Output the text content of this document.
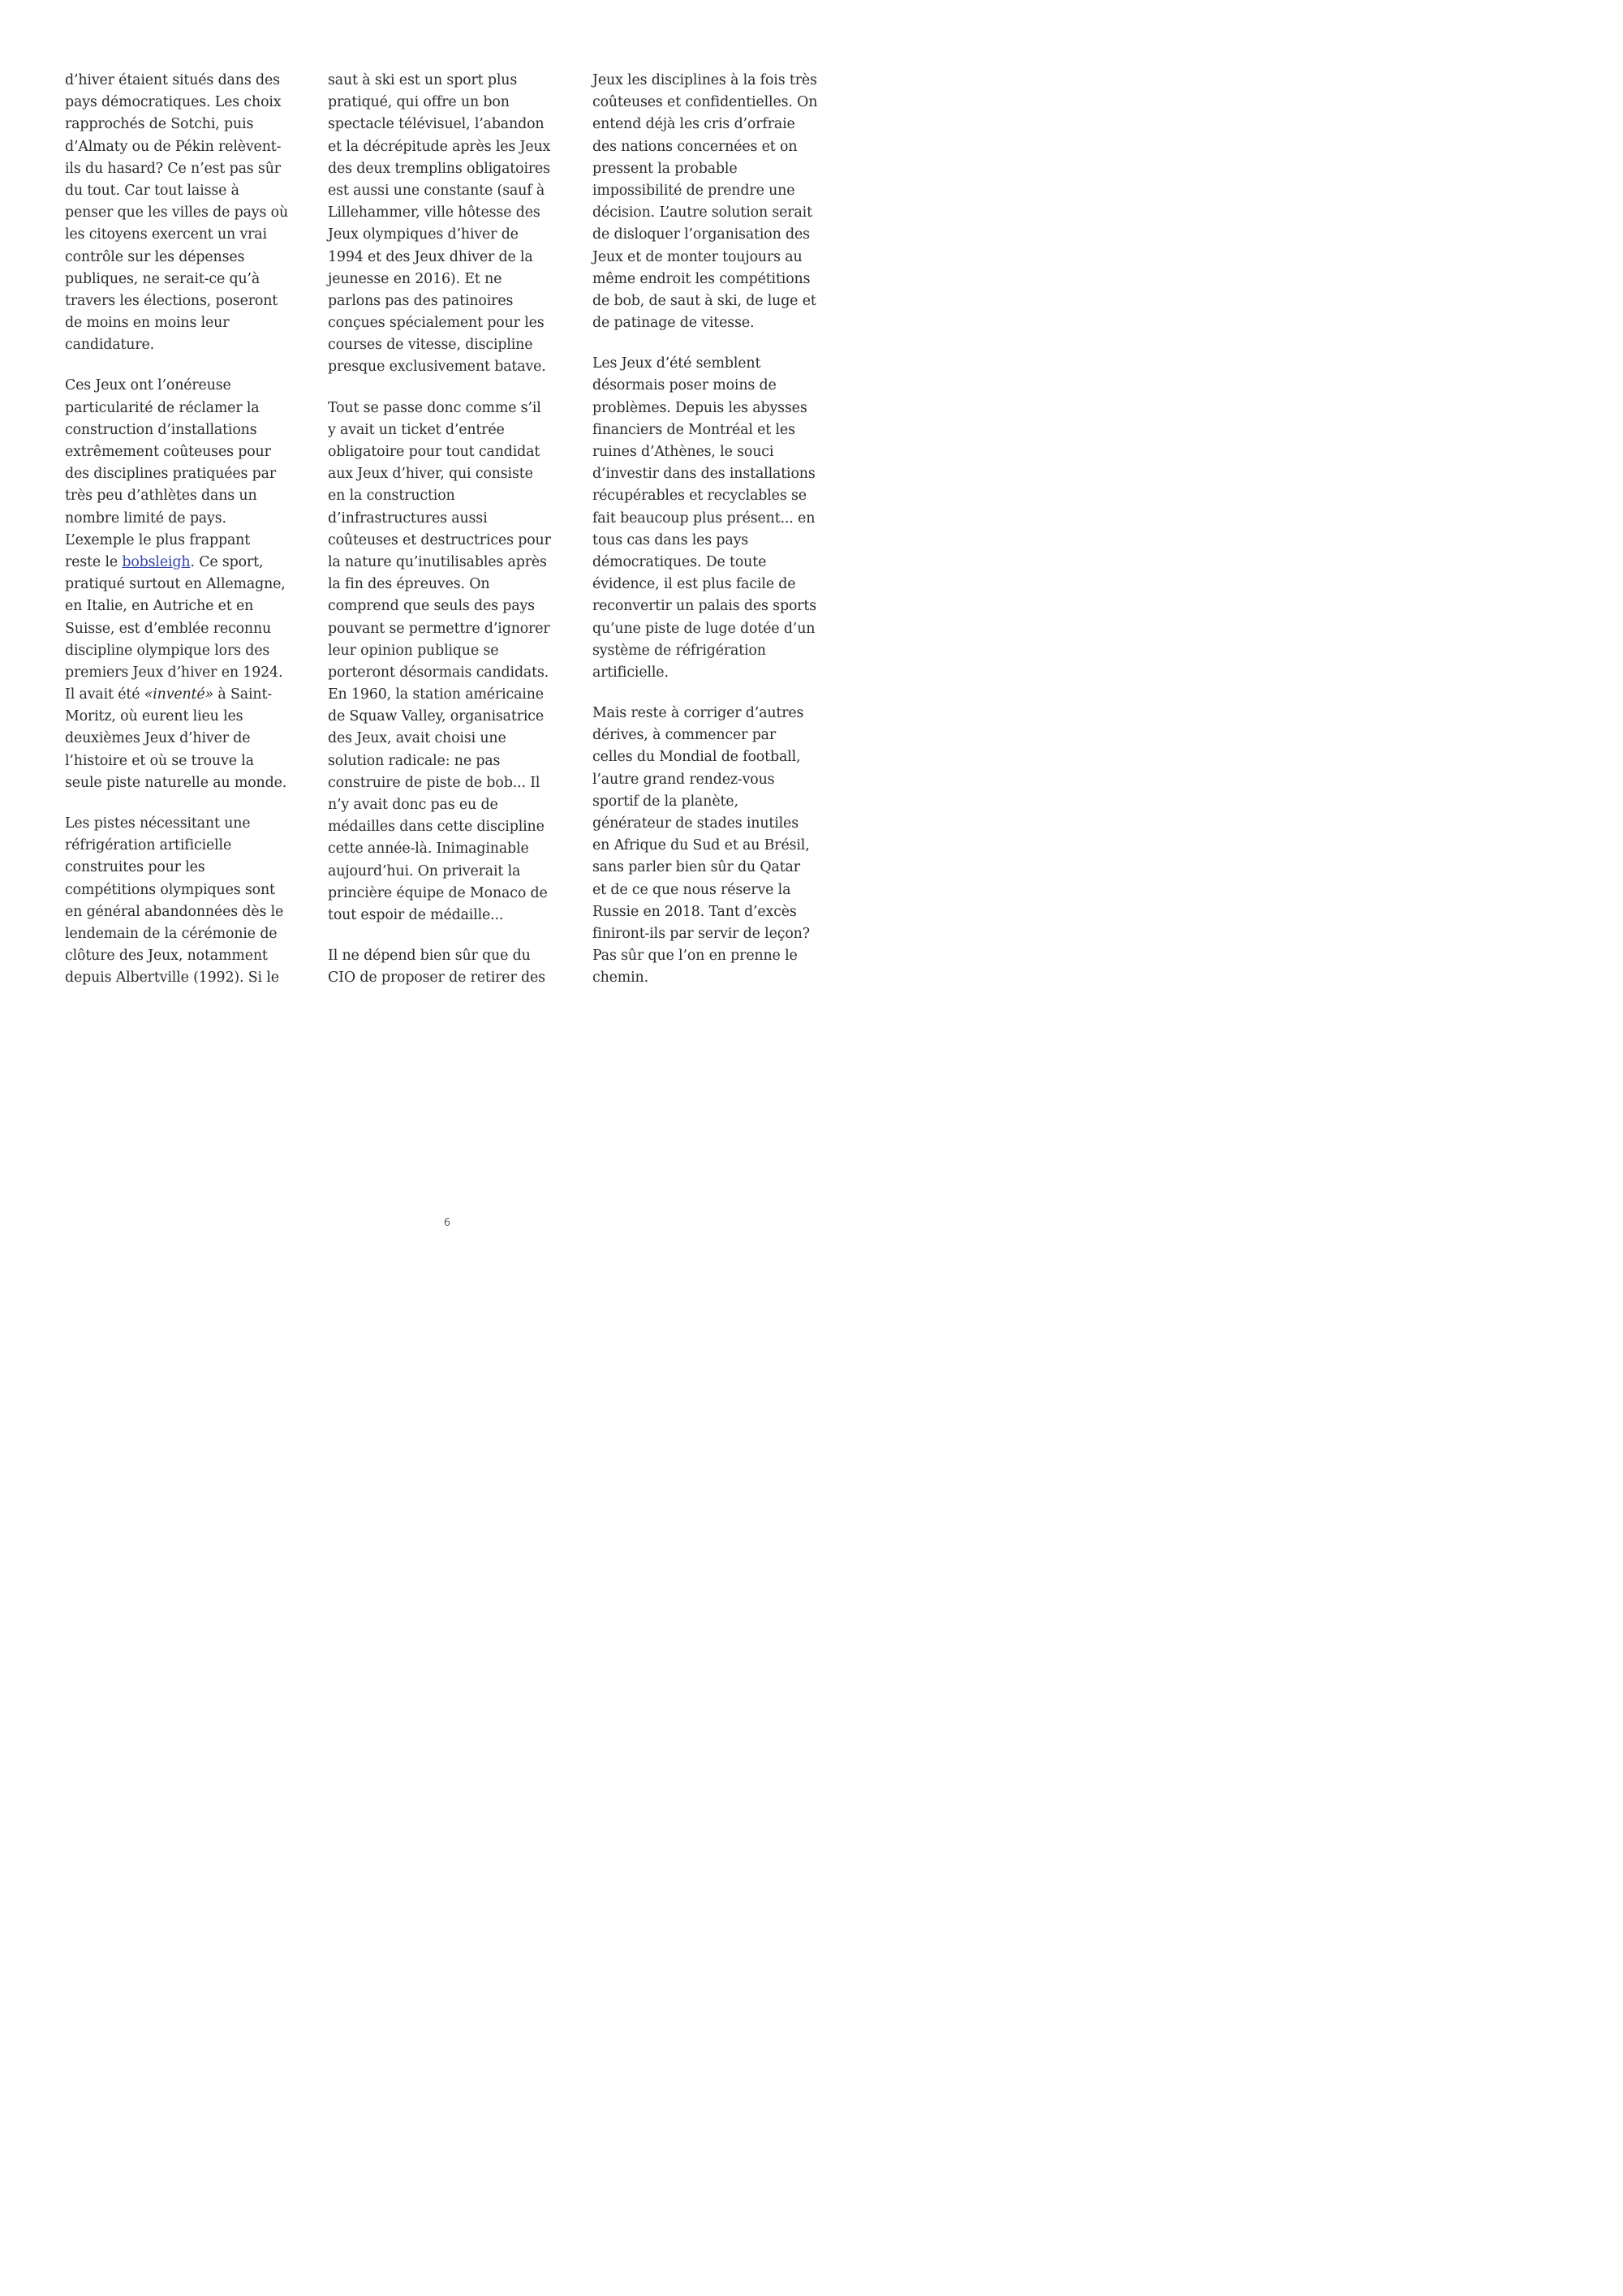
d’hiver étaient situés dans des
pays démocratiques. Les choix
rapprochés de Sotchi, puis
d’Almaty ou de Pékin relèvent-
ils du hasard? Ce n’est pas sûr
du tout. Car tout laisse à
penser que les villes de pays où
les citoyens exercent un vrai
contrôle sur les dépenses
publiques, ne serait-ce qu’à
travers les élections, poseront
de moins en moins leur
candidature.
Ces Jeux ont l’onéreuse
particularité de réclamer la
construction d’installations
extrêmement coûteuses pour
des disciplines pratiquées par
très peu d’athlètes dans un
nombre limité de pays.
L’exemple le plus frappant
reste le bobsleigh. Ce sport,
pratiqué surtout en Allemagne,
en Italie, en Autriche et en
Suisse, est d’emblée reconnu
discipline olympique lors des
premiers Jeux d’hiver en 1924.
Il avait été «inventé» à Saint-
Moritz, où eurent lieu les
deuxièmes Jeux d’hiver de
l’histoire et où se trouve la
seule piste naturelle au monde.
Les pistes nécessitant une
réfrigération artificielle
construites pour les
compétitions olympiques sont
en général abandonnées dès le
lendemain de la cérémonie de
clôture des Jeux, notamment
depuis Albertville (1992). Si le
saut à ski est un sport plus
pratiqué, qui offre un bon
spectacle télévisuel, l’abandon
et la décrépitude après les Jeux
des deux tremplins obligatoires
est aussi une constante (sauf à
Lillehammer, ville hôtesse des
Jeux olympiques d’hiver de
1994 et des Jeux dhiver de la
jeunesse en 2016). Et ne
parlons pas des patinoires
conçues spécialement pour les
courses de vitesse, discipline
presque exclusivement batave.
Tout se passe donc comme s’il
y avait un ticket d’entrée
obligatoire pour tout candidat
aux Jeux d’hiver, qui consiste
en la construction
d’infrastructures aussi
coûteuses et destructrices pour
la nature qu’inutilisables après
la fin des épreuves. On
comprend que seuls des pays
pouvant se permettre d’ignorer
leur opinion publique se
porteront désormais candidats.
En 1960, la station américaine
de Squaw Valley, organisatrice
des Jeux, avait choisi une
solution radicale: ne pas
construire de piste de bob... Il
n’y avait donc pas eu de
médailles dans cette discipline
cette année-là. Inimaginable
aujourd’hui. On priverait la
princière équipe de Monaco de
tout espoir de médaille...
Il ne dépend bien sûr que du
CIO de proposer de retirer des
Jeux les disciplines à la fois très
coûteuses et confidentielles. On
entend déjà les cris d’orfraie
des nations concernées et on
pressent la probable
impossibilité de prendre une
décision. L’autre solution serait
de disloquer l’organisation des
Jeux et de monter toujours au
même endroit les compétitions
de bob, de saut à ski, de luge et
de patinage de vitesse.
Les Jeux d’été semblent
désormais poser moins de
problèmes. Depuis les abysses
financiers de Montréal et les
ruines d’Athènes, le souci
d’investir dans des installations
récupérables et recyclables se
fait beaucoup plus présent... en
tous cas dans les pays
démocratiques. De toute
évidence, il est plus facile de
reconvertir un palais des sports
qu’une piste de luge dotée d’un
système de réfrigération
artificielle.
Mais reste à corriger d’autres
dérives, à commencer par
celles du Mondial de football,
l’autre grand rendez-vous
sportif de la planète,
générateur de stades inutiles
en Afrique du Sud et au Brésil,
sans parler bien sûr du Qatar
et de ce que nous réserve la
Russie en 2018. Tant d’excès
finiront-ils par servir de leçon?
Pas sûr que l’on en prenne le
chemin.
6
